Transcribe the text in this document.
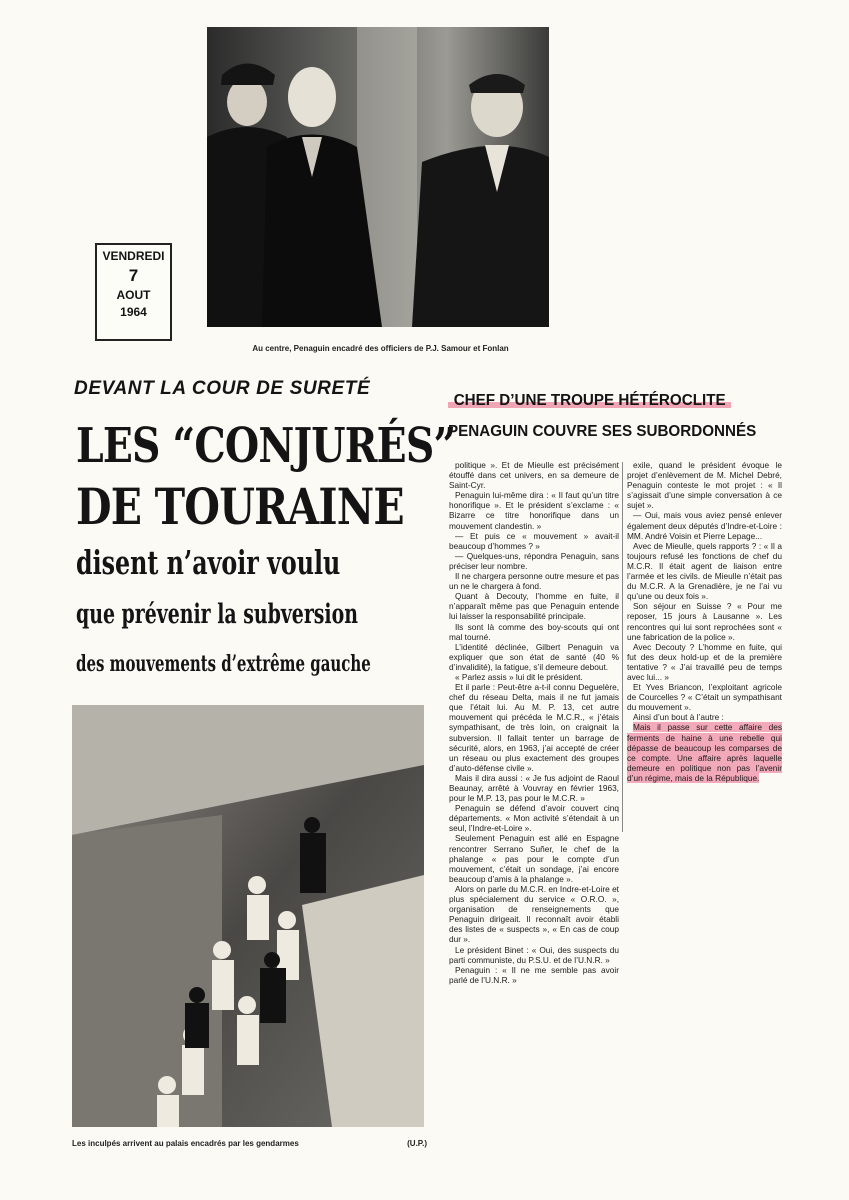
VENDREDI
7
AOUT
1964
Au centre, Penaguin encadré des officiers de P.J. Samour et Fonlan
DEVANT LA COUR DE SURETÉ
LES “CONJURÉS”
DE TOURAINE
disent n’avoir voulu
que prévenir la subversion
des mouvements d’extrême gauche
CHEF D’UNE TROUPE HÉTÉROCLITE
PENAGUIN COUVRE SES SUBORDONNÉS
Les inculpés arrivent au palais encadrés par les gendarmes	(U.P.)

politique ». Et de Mieulle est précisément étouffé dans cet univers, en sa demeure de Saint-Cyr.

Penaguin lui-même dira : « Il faut qu’un titre honorifique ». Et le président s’exclame : « Bizarre ce titre honorifique dans un mouvement clandestin. »

— Et puis ce « mouvement » avait-il beaucoup d’hommes ? »

— Quelques-uns, répondra Penaguin, sans préciser leur nombre.

Il ne chargera personne outre mesure et pas un ne le chargera à fond.

Quant à Decouty, l’homme en fuite, il n’apparaît même pas que Penaguin entende lui laisser la responsabilité principale.

Ils sont là comme des boy-scouts qui ont mal tourné.

L’identité déclinée, Gilbert Penaguin va expliquer que son état de santé (40 % d’invalidité), la fatigue, s’il demeure debout.

« Parlez assis » lui dit le président.

Et il parle : Peut-être a-t-il connu Deguelère, chef du réseau Delta, mais il ne fut jamais que l’était lui. Au M. P. 13, cet autre mouvement qui précéda le M.C.R., « j’étais sympathisant, de très loin, on craignait la subversion. Il fallait tenter un barrage de sécurité, alors, en 1963, j’ai accepté de créer un réseau ou plus exactement des groupes d’auto-défense civile ».

Mais il dira aussi : « Je fus adjoint de Raoul Beaunay, arrêté à Vouvray en février 1963, pour le M.P. 13, pas pour le M.C.R. »

Penaguin se défend d’avoir couvert cinq départements. « Mon activité s’étendait à un seul, l’Indre-et-Loire ».

Seulement Penaguin est allé en Espagne rencontrer Serrano Suñer, le chef de la phalange « pas pour le compte d’un mouvement, c’était un sondage, j’ai encore beaucoup d’amis à la phalange ».

Alors on parle du M.C.R. en Indre-et-Loire et plus spécialement du service « O.R.O. », organisation de renseignements que Penaguin dirigeait. Il reconnaît avoir établi des listes de « suspects », « En cas de coup dur ».

Le président Binet : « Oui, des suspects du parti communiste, du P.S.U. et de l’U.N.R. »

Penaguin : « Il ne me semble pas avoir parlé de l’U.N.R. »

exile, quand le président évoque le projet d’enlèvement de M. Michel Debré, Penaguin conteste le mot projet : « Il s’agissait d’une simple conversation à ce sujet ».

— Oui, mais vous aviez pensé enlever également deux députés d’Indre-et-Loire : MM. André Voisin et Pierre Lepage...

Avec de Mieulle, quels rapports ? : « Il a toujours refusé les fonctions de chef du M.C.R. Il était agent de liaison entre l’armée et les civils. de Mieulle n’était pas du M.C.R. A la Grenadière, je ne l’ai vu qu’une ou deux fois ».

Son séjour en Suisse ? « Pour me reposer, 15 jours à Lausanne ». Les rencontres qui lui sont reprochées sont « une fabrication de la police ».

Avec Decouty ? L’homme en fuite, qui fut des deux hold-up et de la première tentative ? « J’ai travaillé peu de temps avec lui... »

Et Yves Briancon, l’exploitant agricole de Courcelles ? « C’était un sympathisant du mouvement ».

Ainsi d’un bout à l’autre :

Mais il passe sur cette affaire des ferments de haine à une rebelle qui dépasse de beaucoup les comparses de ce compte. Une affaire après laquelle demeure en politique non pas l’avenir d’un régime, mais de la République.
